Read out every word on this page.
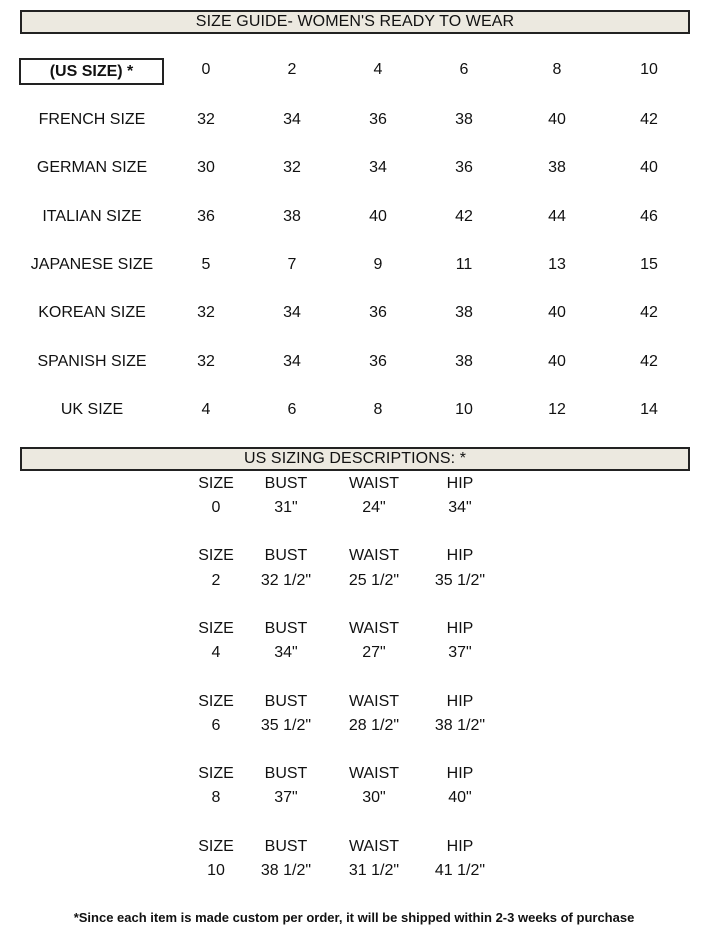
SIZE GUIDE- WOMEN'S READY TO WEAR
(US SIZE) *	0	2	4	6	8	10
FRENCH SIZE	32	34	36	38	40	42
GERMAN SIZE	30	32	34	36	38	40
ITALIAN SIZE	36	38	40	42	44	46
JAPANESE SIZE	5	7	9	11	13	15
KOREAN SIZE	32	34	36	38	40	42
SPANISH SIZE	32	34	36	38	40	42
UK SIZE	4	6	8	10	12	14
US SIZING DESCRIPTIONS: *
SIZE	BUST	WAIST	HIP
0	31"	24"	34"
SIZE	BUST	WAIST	HIP
2	32 1/2"	25 1/2"	35 1/2"
SIZE	BUST	WAIST	HIP
4	34"	27"	37"
SIZE	BUST	WAIST	HIP
6	35 1/2"	28 1/2"	38 1/2"
SIZE	BUST	WAIST	HIP
8	37"	30"	40"
SIZE	BUST	WAIST	HIP
10	38 1/2"	31 1/2"	41 1/2"
*Since each item is made custom per order, it will be shipped within 2-3 weeks of purchase
